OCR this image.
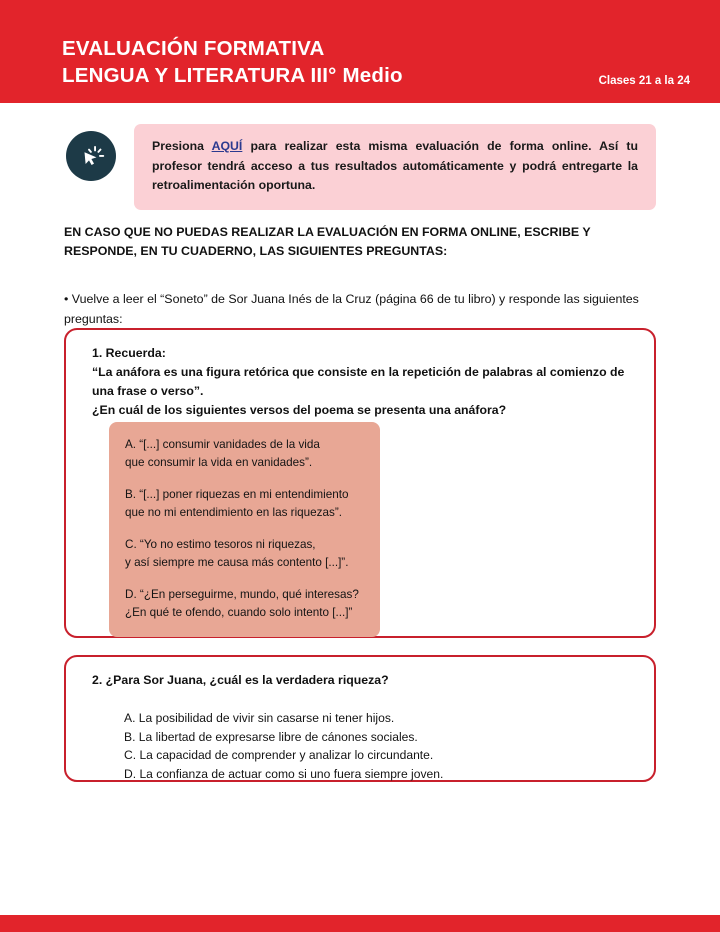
EVALUACIÓN FORMATIVA
LENGUA Y LITERATURA III° Medio	Clases 21 a la 24

Presiona AQUÍ para realizar esta misma evaluación de forma online. Así tu profesor tendrá acceso a tus resultados automáticamente y podrá entregarte la retroalimentación oportuna.

EN CASO QUE NO PUEDAS REALIZAR LA EVALUACIÓN EN FORMA ONLINE, ESCRIBE Y RESPONDE, EN TU CUADERNO, LAS SIGUIENTES PREGUNTAS:

• Vuelve a leer el “Soneto” de Sor Juana Inés de la Cruz (página 66 de tu libro) y responde las siguientes preguntas:

1. Recuerda:

“La anáfora es una figura retórica que consiste en la repetición de palabras al comienzo de una frase o verso”.

¿En cuál de los siguientes versos del poema se presenta una anáfora?

A. “[...] consumir vanidades de la vida
que consumir la vida en vanidades”.
B. “[...] poner riquezas en mi entendimiento
que no mi entendimiento en las riquezas”.
C. “Yo no estimo tesoros ni riquezas,
y así siempre me causa más contento [...]”.
D. “¿En perseguirme, mundo, qué interesas?
¿En qué te ofendo, cuando solo intento [...]”

2. ¿Para Sor Juana, ¿cuál es la verdadera riqueza?

A. La posibilidad de vivir sin casarse ni tener hijos.

B. La libertad de expresarse libre de cánones sociales.

C. La capacidad de comprender y analizar lo circundante.

D. La confianza de actuar como si uno fuera siempre joven.
